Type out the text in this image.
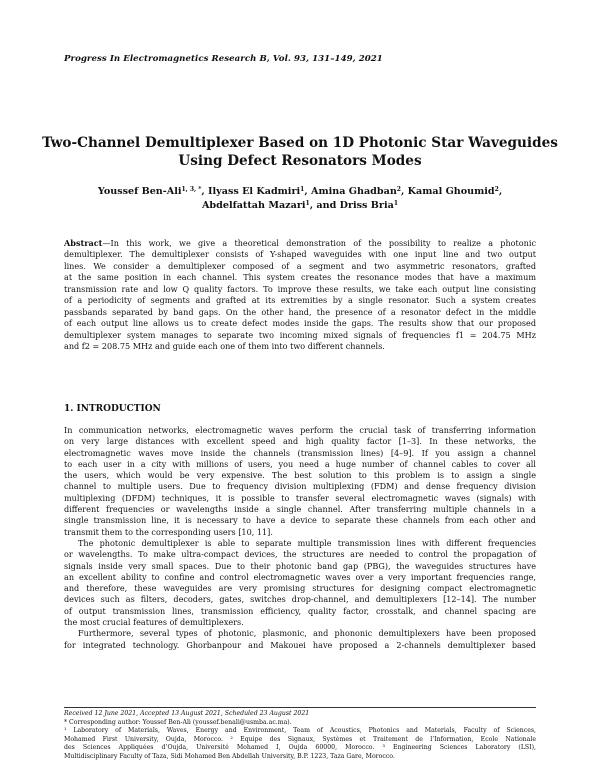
Progress In Electromagnetics Research B, Vol. 93, 131–149, 2021
Two-Channel Demultiplexer Based on 1D Photonic Star Waveguides
Using Defect Resonators Modes
Youssef Ben-Ali$^{1, 3, *}$, Ilyass El Kadmiri$^1$, Amina Ghadban$^2$, Kamal Ghoumid$^2$,
Abdelfattah Mazari$^1$, and Driss Bria$^1$
Abstract—In this work, we give a theoretical demonstration of the possibility to realize a photonic
demultiplexer. The demultiplexer consists of Y-shaped waveguides with one input line and two output
lines. We consider a demultiplexer composed of a segment and two asymmetric resonators, grafted
at the same position in each channel. This system creates the resonance modes that have a maximum
transmission rate and low Q quality factors. To improve these results, we take each output line consisting
of a periodicity of segments and grafted at its extremities by a single resonator. Such a system creates
passbands separated by band gaps. On the other hand, the presence of a resonator defect in the middle
of each output line allows us to create defect modes inside the gaps. The results show that our proposed
demultiplexer system manages to separate two incoming mixed signals of frequencies f1 = 204.75 MHz
and f2 = 208.75 MHz and guide each one of them into two different channels.
1. INTRODUCTION
In communication networks, electromagnetic waves perform the crucial task of transferring information
on very large distances with excellent speed and high quality factor [1–3]. In these networks, the
electromagnetic waves move inside the channels (transmission lines) [4–9]. If you assign a channel
to each user in a city with millions of users, you need a huge number of channel cables to cover all
the users, which would be very expensive. The best solution to this problem is to assign a single
channel to multiple users. Due to frequency division multiplexing (FDM) and dense frequency division
multiplexing (DFDM) techniques, it is possible to transfer several electromagnetic waves (signals) with
different frequencies or wavelengths inside a single channel. After transferring multiple channels in a
single transmission line, it is necessary to have a device to separate these channels from each other and
transmit them to the corresponding users [10, 11].
The photonic demultiplexer is able to separate multiple transmission lines with different frequencies
or wavelengths. To make ultra-compact devices, the structures are needed to control the propagation of
signals inside very small spaces. Due to their photonic band gap (PBG), the waveguides structures have
an excellent ability to confine and control electromagnetic waves over a very important frequencies range,
and therefore, these waveguides are very promising structures for designing compact electromagnetic
devices such as filters, decoders, gates, switches drop-channel, and demultiplexers [12–14]. The number
of output transmission lines, transmission efficiency, quality factor, crosstalk, and channel spacing are
the most crucial features of demultiplexers.
Furthermore, several types of photonic, plasmonic, and phononic demultiplexers have been proposed
for integrated technology. Ghorbanpour and Makouei have proposed a 2-channels demultiplexer based
Received 12 June 2021, Accepted 13 August 2021, Scheduled 23 August 2021
* Corresponding author: Youssef Ben-Ali (youssef.benali@usmba.ac.ma).
¹ Laboratory of Materials, Waves, Energy and Environment, Team of Acoustics, Photonics and Materials, Faculty of Sciences,
Mohamed First University, Oujda, Morocco. ² Equipe des Signaux, Systèmes et Traitement de l’Information, Ecole Nationale
des Sciences Appliquées d’Oujda, Université Mohamed I, Oujda 60000, Morocco. ³ Engineering Sciences Laboratory (LSI),
Multidisciplinary Faculty of Taza, Sidi Mohamed Ben Abdellah University, B.P. 1223, Taza Gare, Morocco.
